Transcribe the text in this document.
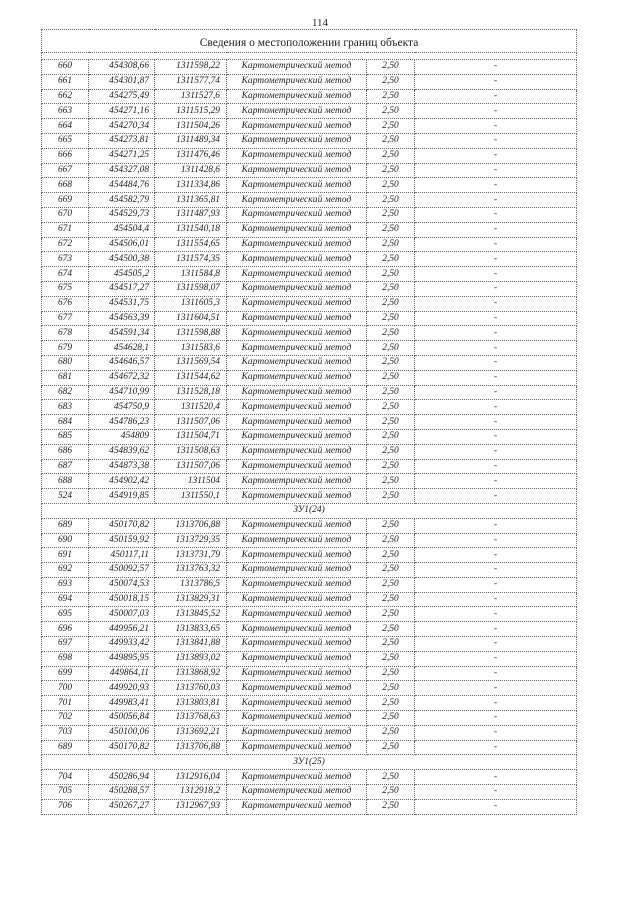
114
Сведения о местоположении границ объекта					

660	454308,66	1311598,22	Картометрический метод	2,50	-
661	454301,87	1311577,74	Картометрический метод	2,50	-
662	454275,49	1311527,6	Картометрический метод	2,50	-
663	454271,16	1311515,29	Картометрический метод	2,50	-
664	454270,34	1311504,26	Картометрический метод	2,50	-
665	454273,81	1311489,34	Картометрический метод	2,50	-
666	454271,25	1311476,46	Картометрический метод	2,50	-
667	454327,08	1311428,6	Картометрический метод	2,50	-
668	454484,76	1311334,86	Картометрический метод	2,50	-
669	454582,79	1311365,81	Картометрический метод	2,50	-
670	454529,73	1311487,93	Картометрический метод	2,50	-
671	454504,4	1311540,18	Картометрический метод	2,50	-
672	454506,01	1311554,65	Картометрический метод	2,50	-
673	454500,38	1311574,35	Картометрический метод	2,50	-
674	454505,2	1311584,8	Картометрический метод	2,50	-
675	454517,27	1311598,07	Картометрический метод	2,50	-
676	454531,75	1311605,3	Картометрический метод	2,50	-
677	454563,39	1311604,51	Картометрический метод	2,50	-
678	454591,34	1311598,88	Картометрический метод	2,50	-
679	454628,1	1311583,6	Картометрический метод	2,50	-
680	454646,57	1311569,54	Картометрический метод	2,50	-
681	454672,32	1311544,62	Картометрический метод	2,50	-
682	454710,99	1311528,18	Картометрический метод	2,50	-
683	454750,9	1311520,4	Картометрический метод	2,50	-
684	454786,23	1311507,06	Картометрический метод	2,50	-
685	454809	1311504,71	Картометрический метод	2,50	-
686	454839,62	1311508,63	Картометрический метод	2,50	-
687	454873,38	1311507,06	Картометрический метод	2,50	-
688	454902,42	1311504	Картометрический метод	2,50	-
524	454919,85	1311550,1	Картометрический метод	2,50	-
ЗУ1(24)					
689	450170,82	1313706,88	Картометрический метод	2,50	-
690	450159,92	1313729,35	Картометрический метод	2,50	-
691	450117,11	1313731,79	Картометрический метод	2,50	-
692	450092,57	1313763,32	Картометрический метод	2,50	-
693	450074,53	1313786,5	Картометрический метод	2,50	-
694	450018,15	1313829,31	Картометрический метод	2,50	-
695	450007,03	1313845,52	Картометрический метод	2,50	-
696	449956,21	1313833,65	Картометрический метод	2,50	-
697	449933,42	1313841,88	Картометрический метод	2,50	-
698	449895,95	1313893,02	Картометрический метод	2,50	-
699	449864,11	1313868,92	Картометрический метод	2,50	-
700	449920,93	1313760,03	Картометрический метод	2,50	-
701	449983,41	1313803,81	Картометрический метод	2,50	-
702	450056,84	1313768,63	Картометрический метод	2,50	-
703	450100,06	1313692,21	Картометрический метод	2,50	-
689	450170,82	1313706,88	Картометрический метод	2,50	-
ЗУ1(25)					
704	450286,94	1312916,04	Картометрический метод	2,50	-
705	450288,57	1312918,2	Картометрический метод	2,50	-
706	450267,27	1312967,93	Картометрический метод	2,50	-
